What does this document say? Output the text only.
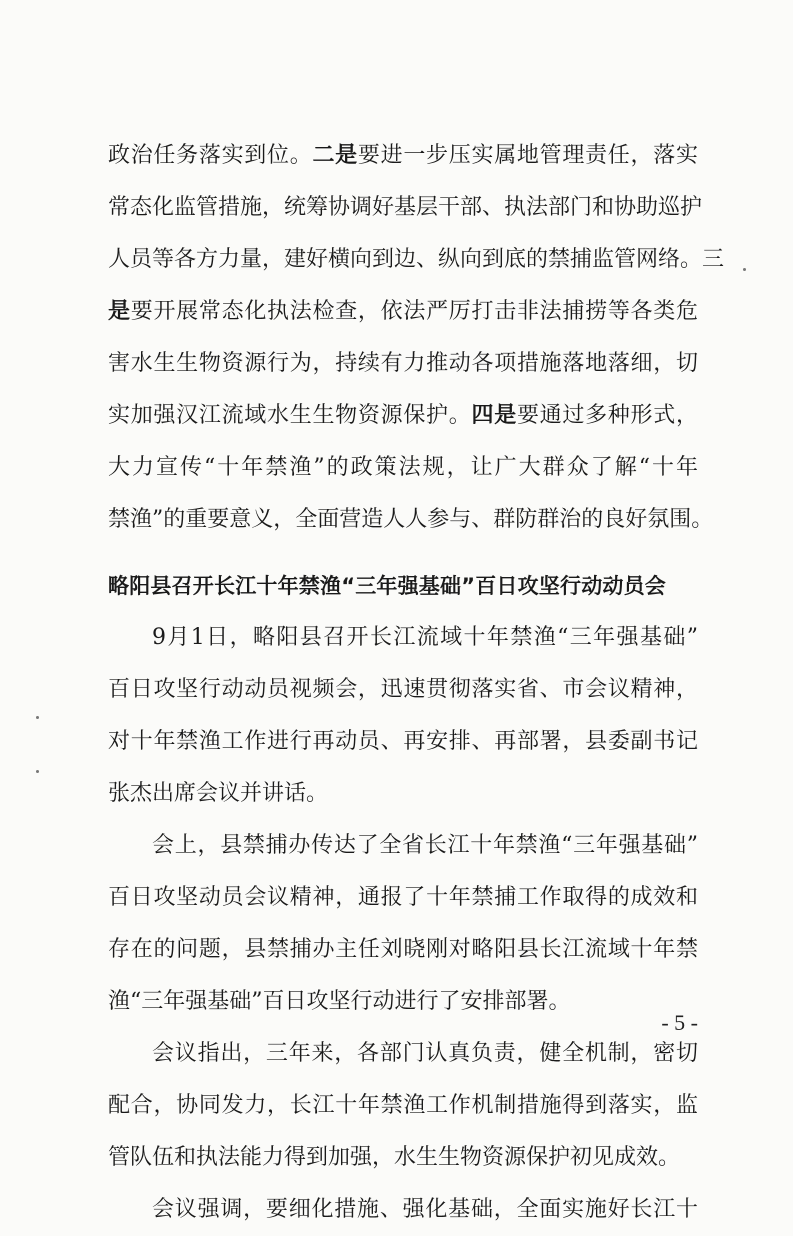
政治任务落实到位。二是要进一步压实属地管理责任，落实
常态化监管措施，统筹协调好基层干部、执法部门和协助巡护
人员等各方力量，建好横向到边、纵向到底的禁捕监管网络。三
是要开展常态化执法检查，依法严厉打击非法捕捞等各类危
害水生生物资源行为，持续有力推动各项措施落地落细，切
实加强汉江流域水生生物资源保护。四是要通过多种形式，
大力宣传“十年禁渔”的政策法规，让广大群众了解“十年
禁渔”的重要意义，全面营造人人参与、群防群治的良好氛围。
略阳县召开长江十年禁渔“三年强基础”百日攻坚行动动员会
9月1日，略阳县召开长江流域十年禁渔“三年强基础”
百日攻坚行动动员视频会，迅速贯彻落实省、市会议精神，
对十年禁渔工作进行再动员、再安排、再部署，县委副书记
张杰出席会议并讲话。
会上，县禁捕办传达了全省长江十年禁渔“三年强基础”
百日攻坚动员会议精神，通报了十年禁捕工作取得的成效和
存在的问题，县禁捕办主任刘晓刚对略阳县长江流域十年禁
渔“三年强基础”百日攻坚行动进行了安排部署。
会议指出，三年来，各部门认真负责，健全机制，密切
配合，协同发力，长江十年禁渔工作机制措施得到落实，监
管队伍和执法能力得到加强，水生生物资源保护初见成效。
会议强调，要细化措施、强化基础，全面实施好长江十
- 5 -
